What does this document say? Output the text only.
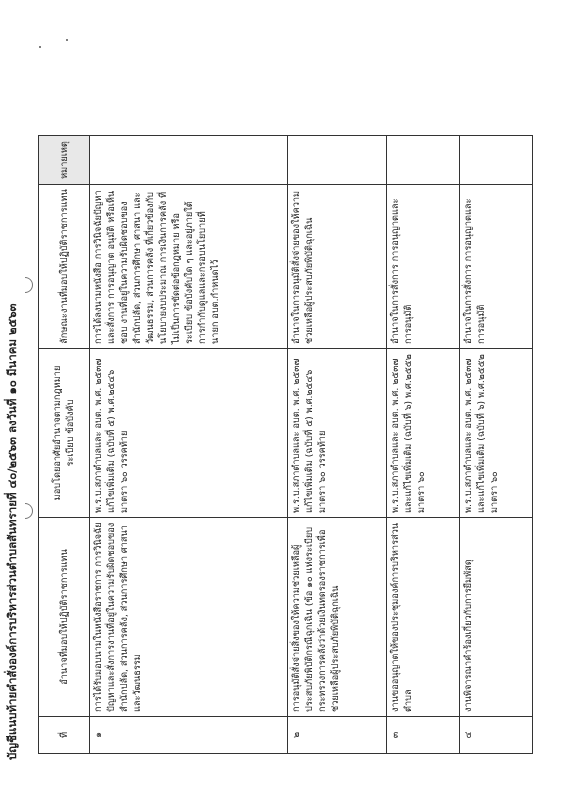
บัญชีแนบท้ายคำสั่งองค์การบริหารส่วนตำบลสันทรายที่ ๔๐/๒๕๖๓ ลงวันที่ ๑๐ มีนาคม ๒๕๖๓	ที่	อำนาจที่มอบให้ปฏิบัติราชการแทน	มอบโดยอาศัยอำนาจตามกฎหมาย ระเบียบ ข้อบังคับ	ลักษณะงานที่มอบให้ปฏิบัติราชการแทน	หมายเหตุ
๑	การได้รับมอบนามในหนังสือราชการ การวินิจฉัยปัญหาและสั่งการงานที่อยู่ในความรับผิดชอบของสำนักปลัด, ส่วนการคลัง, ส่วนการศึกษา ศาสนา และวัฒนธรรม	พ.ร.บ.สภาตำบลและ อบต. พ.ศ. ๒๕๓๗ แก้ไขเพิ่มเติม (ฉบับที่ ๕) พ.ศ.๒๕๔๖ มาตรา ๖๐ วรรคท้าย	การได้ลงนามหนังสือ การวินิจฉัยปัญหาและสั่งการ การอนุญาต อนุมัติ หรือเห็นชอบ งานที่อยู่ในความรับผิดชอบของ สำนักปลัด, ส่วนการศึกษา ศาสนา และวัฒนธรรม, ส่วนการคลัง ที่เกี่ยวข้องกับนโยบายงบประมาณ การเงินการคลัง ที่ไม่เป็นการขัดต่อข้อกฎหมาย หรือระเบียบ ข้อบังคับใด ๆ และอยู่ภายใต้การกำกับดูแลและกรอบนโยบายที่นายก อบต.กำหนดไว้	
๒	การอนุมัติสั่งจ่ายสิ่งของให้ความช่วยเหลือผู้ประสบภัยพิบัติกรณีฉุกเฉิน (ข้อ ๑๐ แห่งระเบียบกระทรวงการคลังว่าด้วยเงินทดรองราชการเพื่อช่วยเหลือผู้ประสบภัยพิบัติฉุกเฉิน	พ.ร.บ.สภาตำบลและ อบต. พ.ศ. ๒๕๓๗ แก้ไขเพิ่มเติม (ฉบับที่ ๕) พ.ศ.๒๕๔๖ มาตรา ๖๐ วรรคท้าย	อำนาจในการอนุมัติสั่งจ่ายของให้ความช่วยเหลือผู้ประสบภัยพิบัติฉุกเฉิน	
๓	งานขออนุญาตให้ของประชุมองค์การบริหารส่วนตำบล	พ.ร.บ.สภาตำบลและ อบต. พ.ศ. ๒๕๓๗ และแก้ไขเพิ่มเติม (ฉบับที่ ๖) พ.ศ.๒๕๕๒ มาตรา ๖๐	อำนาจในการสั่งการ การอนุญาตและการอนุมัติ	
๔	งานพิจารณาคำร้องเกี่ยวกับการยืมพัสดุ	พ.ร.บ.สภาตำบลและ อบต. พ.ศ. ๒๕๓๗ และแก้ไขเพิ่มเติม (ฉบับที่ ๖) พ.ศ.๒๕๕๒ มาตรา ๖๐	อำนาจในการสั่งการ การอนุญาตและการอนุมัติ	
